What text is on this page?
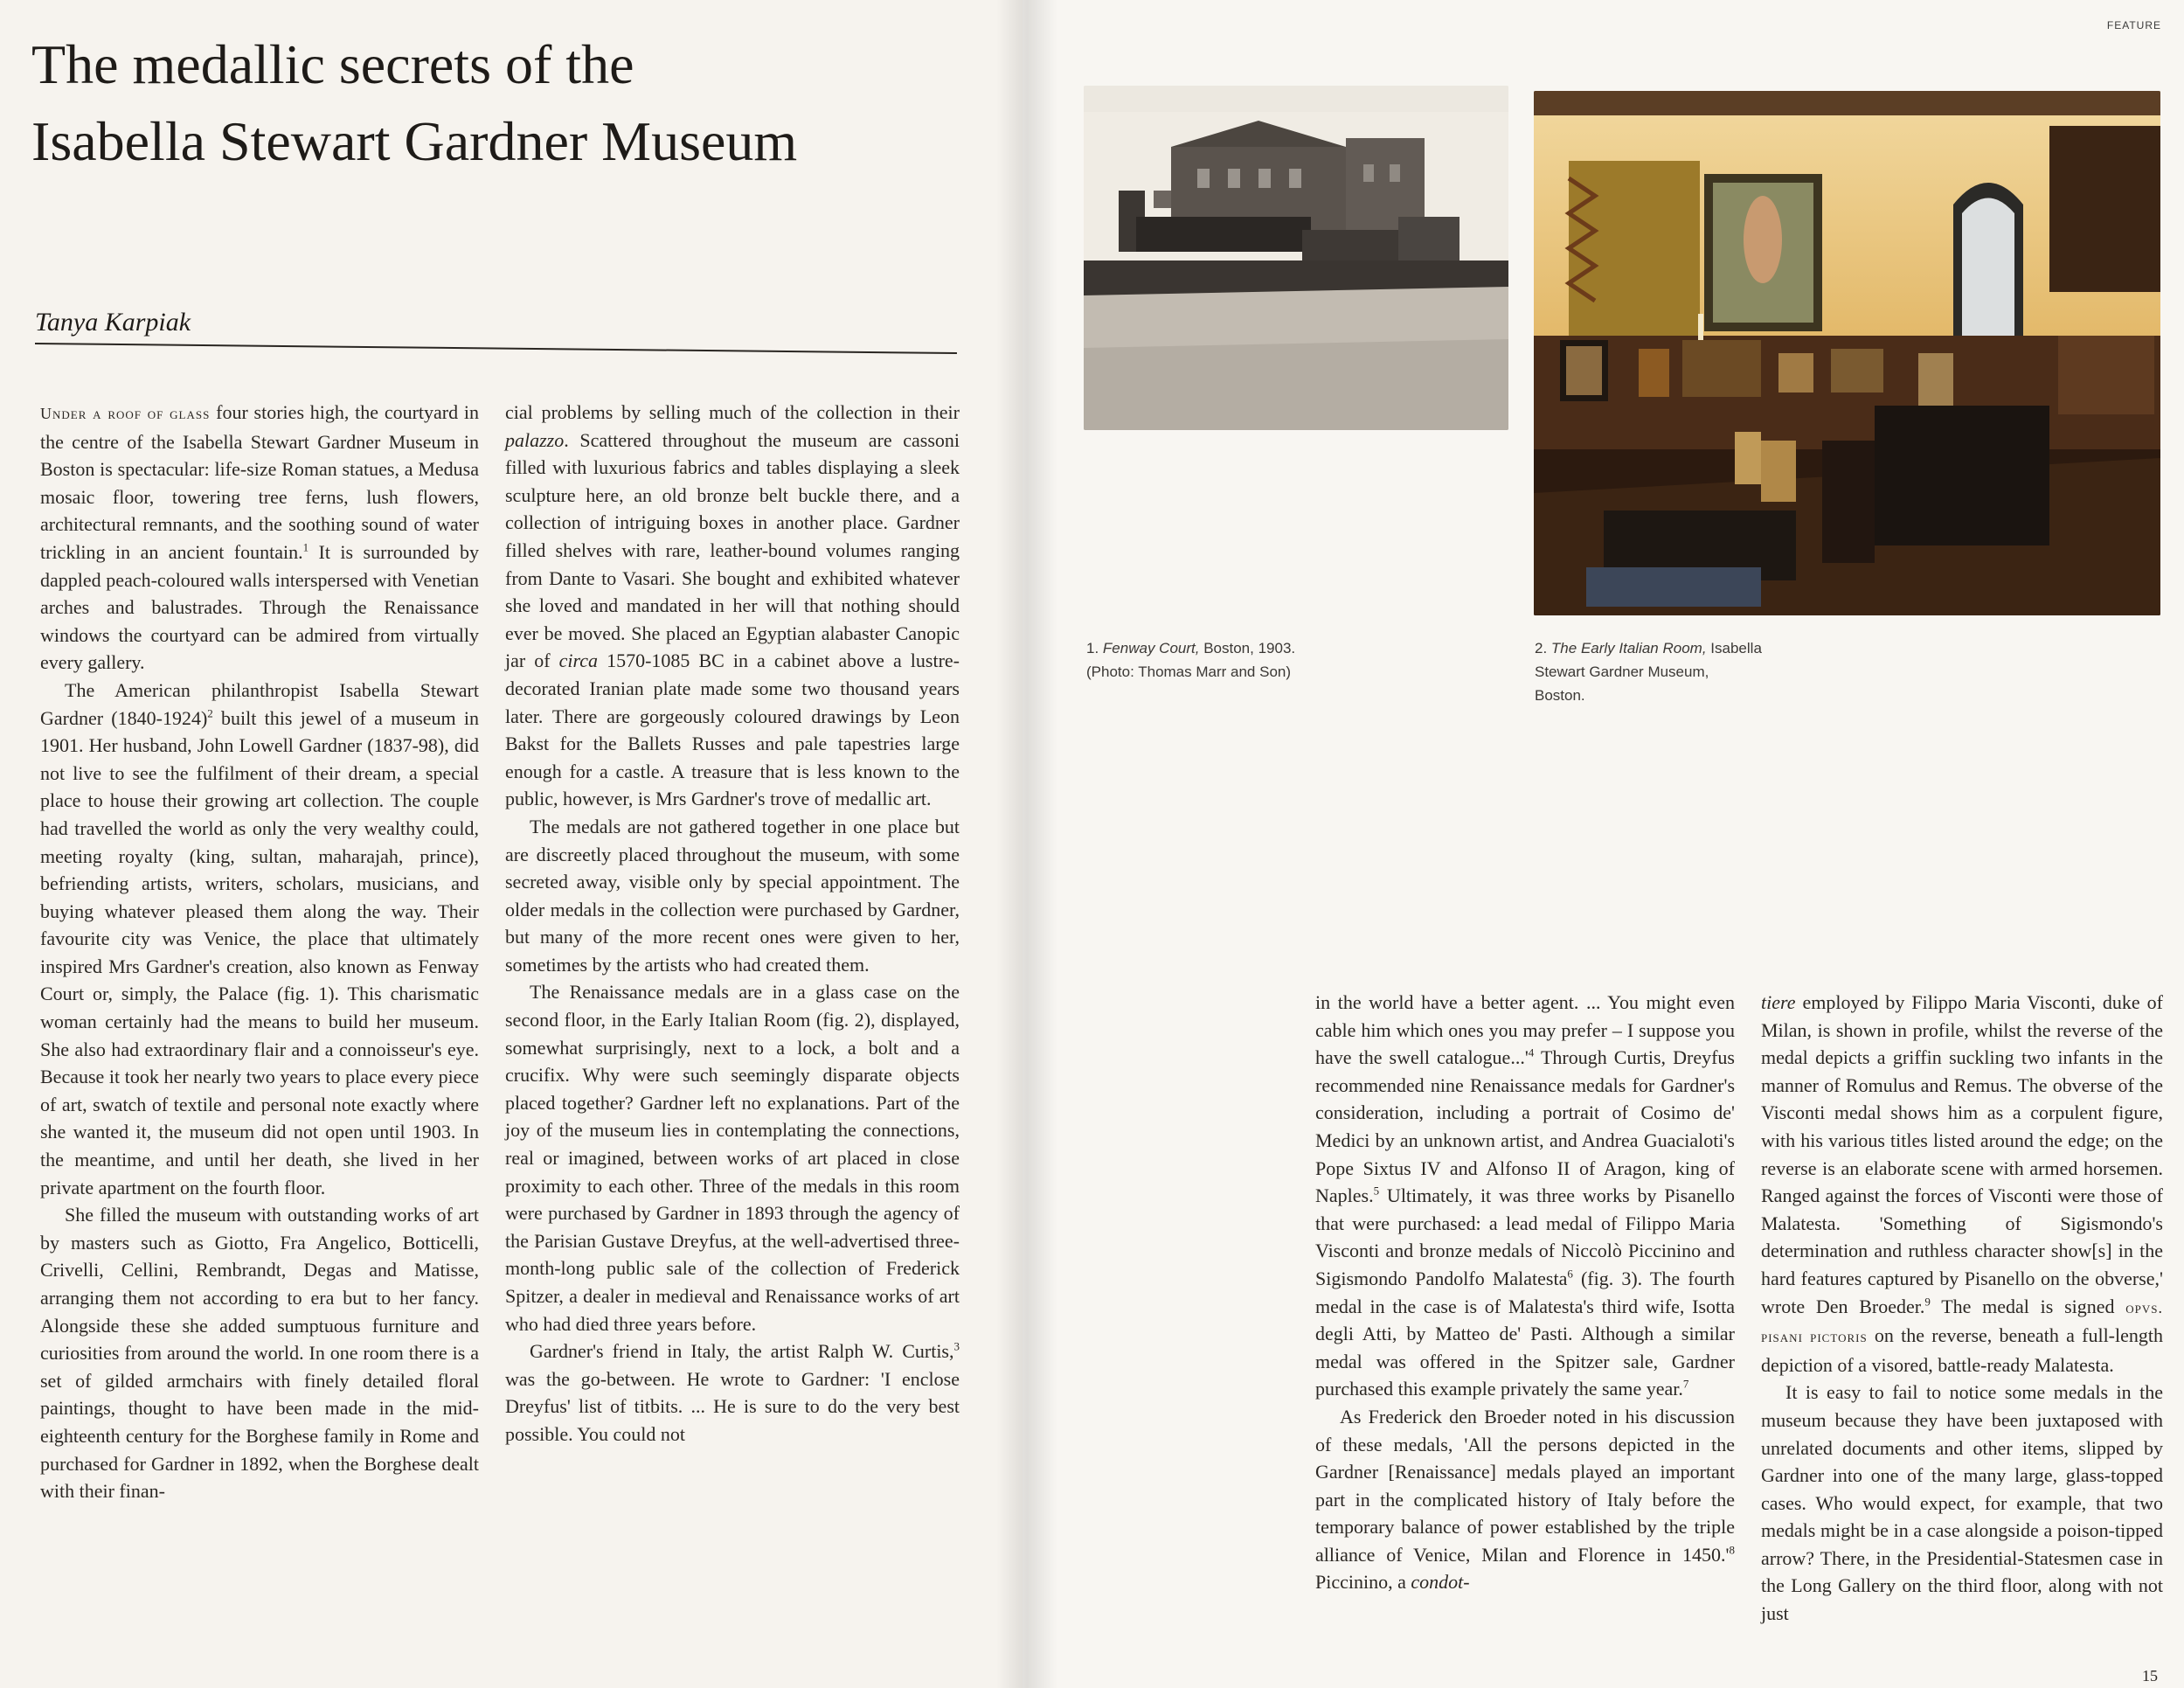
The medallic secrets of the
Isabella Stewart Gardner Museum
Tanya Karpiak

Under a roof of glass four stories high, the courtyard in the centre of the Isabella Stewart Gardner Museum in Boston is spectacular: life-size Roman statues, a Medusa mosaic floor, towering tree ferns, lush flowers, architectural remnants, and the soothing sound of water trickling in an ancient fountain.$^1$ It is surrounded by dappled peach-coloured walls interspersed with Venetian arches and balustrades. Through the Renaissance windows the courtyard can be admired from virtually every gallery.

The American philanthropist Isabella Stewart Gardner (1840-1924)$^2$ built this jewel of a museum in 1901. Her husband, John Lowell Gardner (1837-98), did not live to see the fulfilment of their dream, a special place to house their growing art collection. The couple had travelled the world as only the very wealthy could, meeting royalty (king, sultan, maharajah, prince), befriending artists, writers, scholars, musicians, and buying whatever pleased them along the way. Their favourite city was Venice, the place that ultimately inspired Mrs Gardner's creation, also known as Fenway Court or, simply, the Palace (fig. 1). This charismatic woman certainly had the means to build her museum. She also had extraordinary flair and a connoisseur's eye. Because it took her nearly two years to place every piece of art, swatch of textile and personal note exactly where she wanted it, the museum did not open until 1903. In the meantime, and until her death, she lived in her private apartment on the fourth floor.

She filled the museum with outstanding works of art by masters such as Giotto, Fra Angelico, Botticelli, Crivelli, Cellini, Rembrandt, Degas and Matisse, arranging them not according to era but to her fancy. Alongside these she added sumptuous furniture and curiosities from around the world. In one room there is a set of gilded armchairs with finely detailed floral paintings, thought to have been made in the mid-eighteenth century for the Borghese family in Rome and purchased for Gardner in 1892, when the Borghese dealt with their finan-

cial problems by selling much of the collection in their palazzo. Scattered throughout the museum are cassoni filled with luxurious fabrics and tables displaying a sleek sculpture here, an old bronze belt buckle there, and a collection of intriguing boxes in another place. Gardner filled shelves with rare, leather-bound volumes ranging from Dante to Vasari. She bought and exhibited whatever she loved and mandated in her will that nothing should ever be moved. She placed an Egyptian alabaster Canopic jar of circa 1570-1085 BC in a cabinet above a lustre-decorated Iranian plate made some two thousand years later. There are gorgeously coloured drawings by Leon Bakst for the Ballets Russes and pale tapestries large enough for a castle. A treasure that is less known to the public, however, is Mrs Gardner's trove of medallic art.

The medals are not gathered together in one place but are discreetly placed throughout the museum, with some secreted away, visible only by special appointment. The older medals in the collection were purchased by Gardner, but many of the more recent ones were given to her, sometimes by the artists who had created them.

The Renaissance medals are in a glass case on the second floor, in the Early Italian Room (fig. 2), displayed, somewhat surprisingly, next to a lock, a bolt and a crucifix. Why were such seemingly disparate objects placed together? Gardner left no explanations. Part of the joy of the museum lies in contemplating the connections, real or imagined, between works of art placed in close proximity to each other. Three of the medals in this room were purchased by Gardner in 1893 through the agency of the Parisian Gustave Dreyfus, at the well-advertised three-month-long public sale of the collection of Frederick Spitzer, a dealer in medieval and Renaissance works of art who had died three years before.

Gardner's friend in Italy, the artist Ralph W. Curtis,$^3$ was the go-between. He wrote to Gardner: 'I enclose Dreyfus' list of titbits. ... He is sure to do the very best possible. You could not

FEATURE
1. Fenway Court, Boston, 1903. (Photo: Thomas Marr and Son)
2. The Early Italian Room, Isabella Stewart Gardner Museum, Boston.

in the world have a better agent. ... You might even cable him which ones you may prefer – I suppose you have the swell $catalogue...'^4$ Through Curtis, Dreyfus recommended nine Renaissance medals for Gardner's consideration, including a portrait of Cosimo de' Medici by an unknown artist, and Andrea Guacialoti's Pope Sixtus IV and Alfonso II of Aragon, king of Naples.$^5$ Ultimately, it was three works by Pisanello that were purchased: a lead medal of Filippo Maria Visconti and bronze medals of Niccolò Piccinino and Sigismondo Pandolfo Malatesta$^6$ (fig. 3). The fourth medal in the case is of Malatesta's third wife, Isotta degli Atti, by Matteo de' Pasti. Although a similar medal was offered in the Spitzer sale, Gardner purchased this example privately the same year.$^7$

As Frederick den Broeder noted in his discussion of these medals, 'All the persons depicted in the Gardner [Renaissance] medals played an important part in the complicated history of Italy before the temporary balance of power established by the triple alliance of Venice, Milan and Florence in $1450.'^8$ Piccinino, a condot-

tiere employed by Filippo Maria Visconti, duke of Milan, is shown in profile, whilst the reverse of the medal depicts a griffin suckling two infants in the manner of Romulus and Remus. The obverse of the Visconti medal shows him as a corpulent figure, with his various titles listed around the edge; on the reverse is an elaborate scene with armed horsemen. Ranged against the forces of Visconti were those of Malatesta. 'Something of Sigismondo's determination and ruthless character show[s] in the hard features captured by Pisanello on the obverse,' wrote Den Broeder.$^9$ The medal is signed opvs. pisani pictoris on the reverse, beneath a full-length depiction of a visored, battle-ready Malatesta.

It is easy to fail to notice some medals in the museum because they have been juxtaposed with unrelated documents and other items, slipped by Gardner into one of the many large, glass-topped cases. Who would expect, for example, that two medals might be in a case alongside a poison-tipped arrow? There, in the Presidential-Statesmen case in the Long Gallery on the third floor, along with not just

15
